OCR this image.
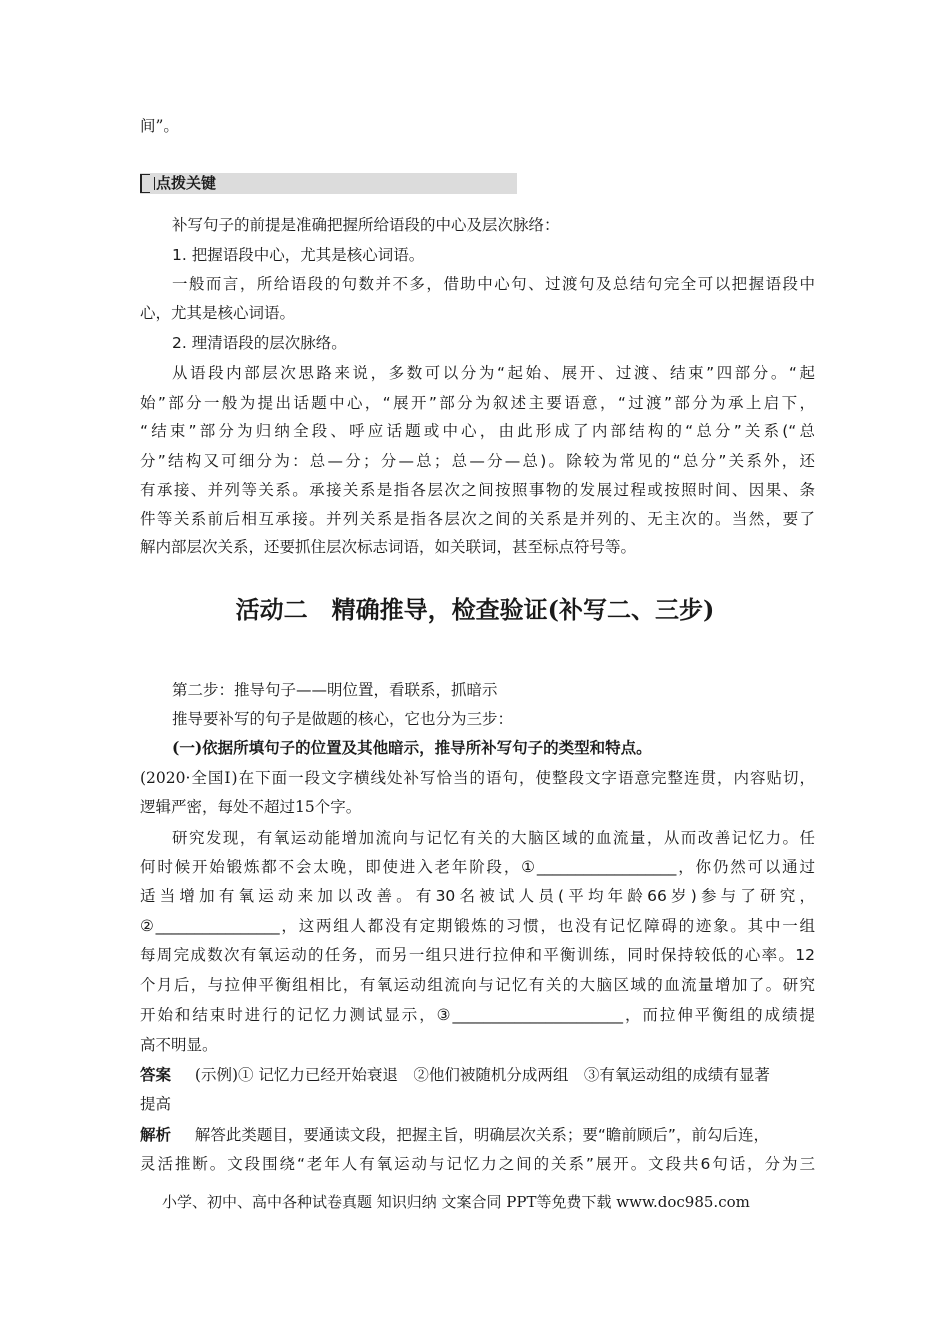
间”。
点拨关键
补写句子的前提是准确把握所给语段的中心及层次脉络：
1. 把握语段中心，尤其是核心词语。
一般而言，所给语段的句数并不多，借助中心句、过渡句及总结句完全可以把握语段中
心，尤其是核心词语。
2. 理清语段的层次脉络。
从语段内部层次思路来说，多数可以分为“起始、展开、过渡、结束”四部分。“起
始”部分一般为提出话题中心，“展开”部分为叙述主要语意，“过渡”部分为承上启下，
“结束”部分为归纳全段、呼应话题或中心，由此形成了内部结构的“总分”关系(“总
分”结构又可细分为：总—分；分—总；总—分—总)。除较为常见的“总分”关系外，还
有承接、并列等关系。承接关系是指各层次之间按照事物的发展过程或按照时间、因果、条
件等关系前后相互承接。并列关系是指各层次之间的关系是并列的、无主次的。当然，要了
解内部层次关系，还要抓住层次标志词语，如关联词，甚至标点符号等。
活动二　精确推导，检查验证(补写二、三步)
第二步：推导句子——明位置，看联系，抓暗示
推导要补写的句子是做题的核心，它也分为三步：
(一)依据所填句子的位置及其他暗示，推导所补写句子的类型和特点。
(2020·全国Ⅰ)在下面一段文字横线处补写恰当的语句，使整段文字语意完整连贯，内容贴切，
逻辑严密，每处不超过15个字。
研究发现，有氧运动能增加流向与记忆有关的大脑区域的血流量，从而改善记忆力。任
何时候开始锻炼都不会太晚，即使进入老年阶段，①__________________，你仍然可以通过
适当增加有氧运动来加以改善。有30名被试人员(平均年龄66岁)参与了研究，
②________________，这两组人都没有定期锻炼的习惯，也没有记忆障碍的迹象。其中一组
每周完成数次有氧运动的任务，而另一组只进行拉伸和平衡训练，同时保持较低的心率。12
个月后，与拉伸平衡组相比，有氧运动组流向与记忆有关的大脑区域的血流量增加了。研究
开始和结束时进行的记忆力测试显示，③______________________，而拉伸平衡组的成绩提
高不明显。
答案 (示例)① 记忆力已经开始衰退　②他们被随机分成两组　③有氧运动组的成绩有显著
提高
解析 解答此类题目，要通读文段，把握主旨，明确层次关系；要“瞻前顾后”，前勾后连，
灵活推断。文段围绕“老年人有氧运动与记忆力之间的关系”展开。文段共6句话，分为三
小学、初中、高中各种试卷真题 知识归纳 文案合同 PPT等免费下载 www.doc985.com
